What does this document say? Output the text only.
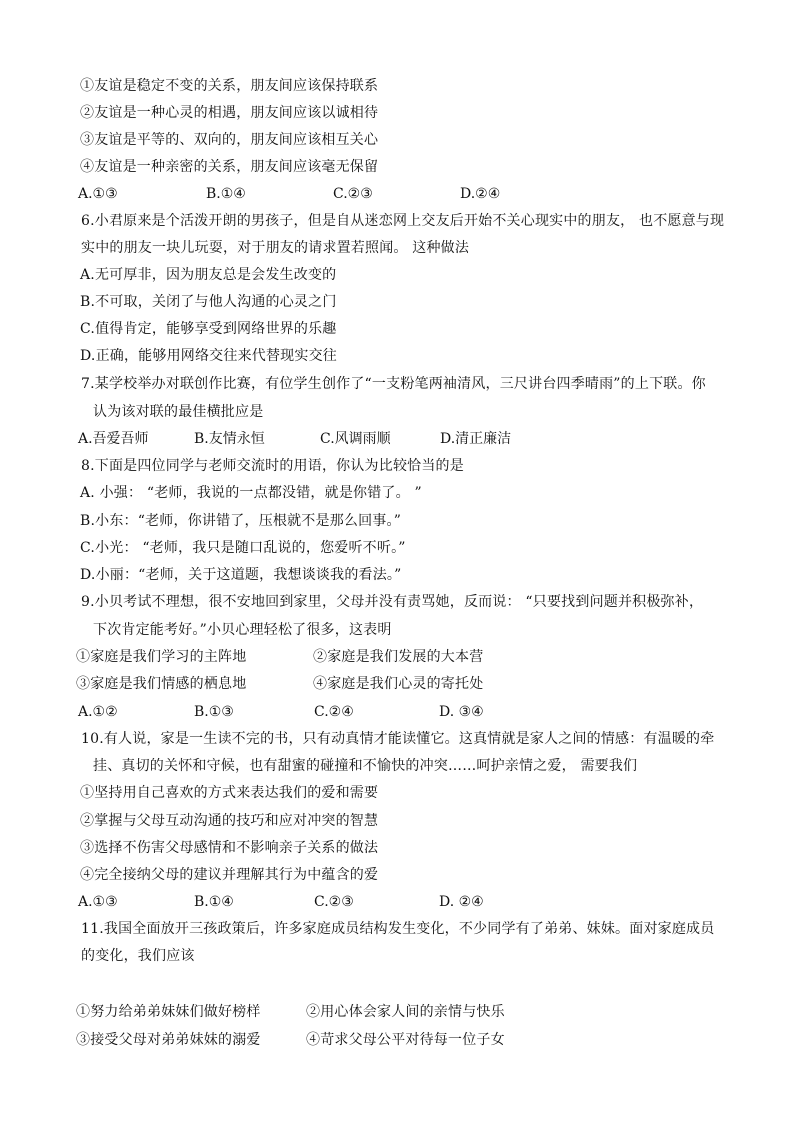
①友谊是稳定不变的关系，朋友间应该保持联系
②友谊是一种心灵的相遇，朋友间应该以诚相待
③友谊是平等的、双向的，朋友间应该相互关心
④友谊是一种亲密的关系，朋友间应该毫无保留
A.①③	B.①④	C.②③	D.②④
6.小君原来是个活泼开朗的男孩子，但是自从迷恋网上交友后开始不关心现实中的朋友， 也不愿意与现
实中的朋友一块儿玩耍，对于朋友的请求置若照闻。 这种做法
A.无可厚非，因为朋友总是会发生改变的
B.不可取，关闭了与他人沟通的心灵之门
C.值得肯定，能够享受到网络世界的乐趣
D.正确，能够用网络交往来代替现实交往
7.某学校举办对联创作比赛，有位学生创作了“一支粉笔两袖清风，三尺讲台四季晴雨”的上下联。你
认为该对联的最佳横批应是
A.吾爱吾师	B.友情永恒	C.风调雨顺	D.清正廉洁
8.下面是四位同学与老师交流时的用语，你认为比较恰当的是
A. 小强： “老师，我说的一点都没错，就是你错了。 ”
B.小东：“老师，你讲错了，压根就不是那么回事。”
C.小光： “老师，我只是随口乱说的，您爱听不听。”
D.小丽：“老师，关于这道题，我想谈谈我的看法。”
9.小贝考试不理想，很不安地回到家里，父母并没有责骂她，反而说： “只要找到问题并积极弥补，
下次肯定能考好。”小贝心理轻松了很多，这表明
①家庭是我们学习的主阵地	②家庭是我们发展的大本营
③家庭是我们情感的栖息地	④家庭是我们心灵的寄托处
A.①②	B.①③	C.②④	D. ③④
10.有人说，家是一生读不完的书，只有动真情才能读懂它。这真情就是家人之间的情感：有温暖的牵
挂、真切的关怀和守候，也有甜蜜的碰撞和不愉快的冲突……呵护亲情之爱， 需要我们
①坚持用自己喜欢的方式来表达我们的爱和需要
②掌握与父母互动沟通的技巧和应对冲突的智慧
③选择不伤害父母感情和不影响亲子关系的做法
④完全接纳父母的建议并理解其行为中蕴含的爱
A.①③	B.①④	C.②③	D. ②④
11.我国全面放开三孩政策后，许多家庭成员结构发生变化，不少同学有了弟弟、妹妹。面对家庭成员
的变化，我们应该
①努力给弟弟妹妹们做好榜样	②用心体会家人间的亲情与快乐
③接受父母对弟弟妹妹的溺爱	④苛求父母公平对待每一位子女
